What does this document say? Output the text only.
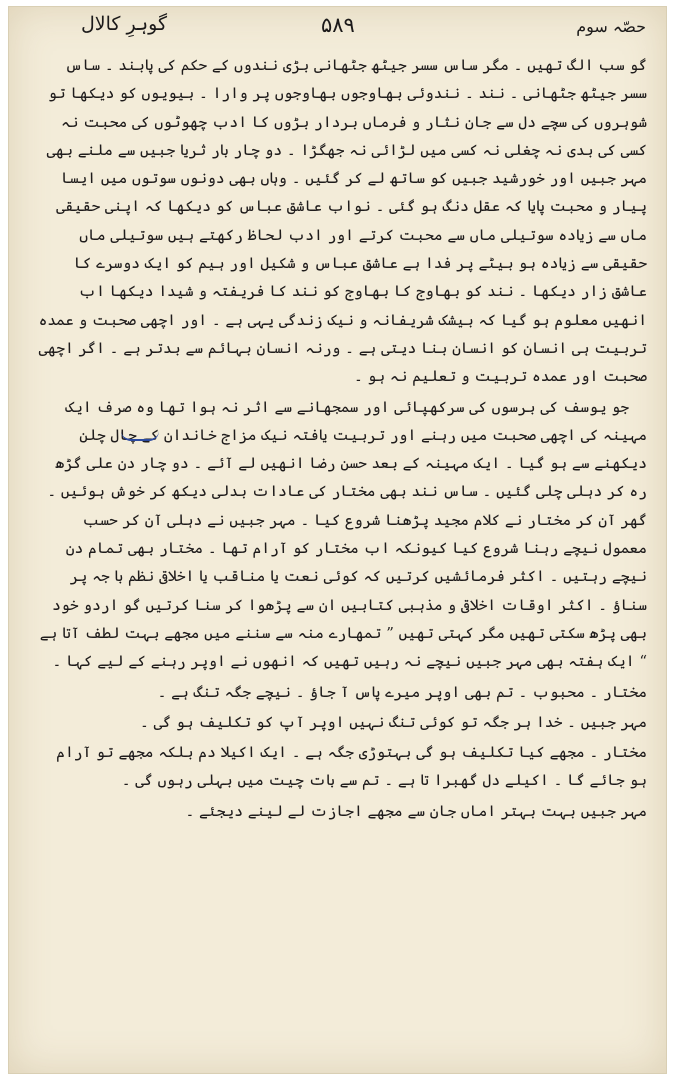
گوہرِ کالال	۵۸۹	حصّہ سوم

گو سب الگ تھیں ۔ مگر ساس سسر جیٹھ جٹھانی بڑی نندوں کے حکم کی پابند ۔ ساس سسر جیٹھ جٹھانی ۔ نند ۔ نندوئی بھاوجوں بھاوجوں پر وارا ۔ بیویوں کو دیکھا تو شوہروں کی سچے دل سے جان نثار و فرماں بردار بڑوں کا ادب چھوٹوں کی محبت نہ کسی کی بدی نہ چغلی نہ کسی میں لڑائی نہ جھگڑا ۔ دو چار بار ثریا جبیں سے ملنے بھی مہر جبیں اور خورشید جبیں کو ساتھ لے کر گئیں ۔ وہاں بھی دونوں سوتوں میں ایسا پیار و محبت پایا کہ عقل دنگ ہو گئی ۔ نواب عاشق عباس کو دیکھا کہ اپنی حقیقی ماں سے زیادہ سوتیلی ماں سے محبت کرتے اور ادب لحاظ رکھتے ہیں سوتیلی ماں حقیقی سے زیادہ ہو بیٹے پر فدا ہے عاشق عباس و شکیل اور ہیم کو ایک دوسرے کا عاشق زار دیکھا ۔ نند کو بھاوج کا بھاوج کو نند کا فریفتہ و شیدا دیکھا اب انھیں معلوم ہو گیا کہ بیشک شریفانہ و نیک زندگی یہی ہے ۔ اور اچھی صحبت و عمدہ تربیت ہی انسان کو انسان بنا دیتی ہے ۔ ورنہ انسان بہائم سے بدتر ہے ۔ اگر اچھی صحبت اور عمدہ تربیت و تعلیم نہ ہو ۔

جو یوسف کی برسوں کی سرکھپائی اور سمجھانے سے اثر نہ ہوا تھا وہ صرف ایک مہینہ کی اچھی صحبت میں رہنے اور تربیت یافتہ نیک مزاج خاندان کے چال چلن دیکھنے سے ہو گیا ۔ ایک مہینہ کے بعد حسن رضا انھیں لے آئے ۔ دو چار دن علی گڑھ رہ کر دہلی چلی گئیں ۔ ساس نند بھی مختار کی عادات بدلی دیکھ کر خوش ہوئیں ۔ گھر آن کر مختار نے کلام مجید پڑھنا شروع کیا ۔ مہر جبیں نے دہلی آن کر حسب معمول نیچے رہنا شروع کیا کیونکہ اب مختار کو آرام تھا ۔ مختار بھی تمام دن نیچے رہتیں ۔ اکثر فرمائشیں کرتیں کہ کوئی نعت یا مناقب یا اخلاقی نظم با جہ پر سناؤ ۔ اکثر اوقات اخلاقی و مذہبی کتابیں ان سے پڑھوا کر سنا کرتیں گو اردو خود بھی پڑھ سکتی تھیں مگر کہتی تھیں ” تمھارے منہ سے سننے میں مجھے بہت لطف آتا ہے “ ایک ہفتہ بھی مہر جبیں نیچے نہ رہیں تھیں کہ انھوں نے اوپر رہنے کے لیے کہا ۔

مختار ۔ محبوب ۔ تم بھی اوپر میرے پاس آ جاؤ ۔ نیچے جگہ تنگ ہے ۔

مہر جبیں ۔ خدا ہر جگہ تو کوئی تنگ نہیں اوپر آپ کو تکلیف ہو گی ۔

مختار ۔ مجھے کیا تکلیف ہو گی بہتوڑی جگہ ہے ۔ ایک اکیلا دم بلکہ مجھے تو آرام ہو جائے گا ۔ اکیلے دل گھبرا تا ہے ۔ تم سے بات چیت میں بہلی رہوں گی ۔

مہر جبیں بہت بہتر اماں جان سے مجھے اجازت لے لینے دیجئے ۔
